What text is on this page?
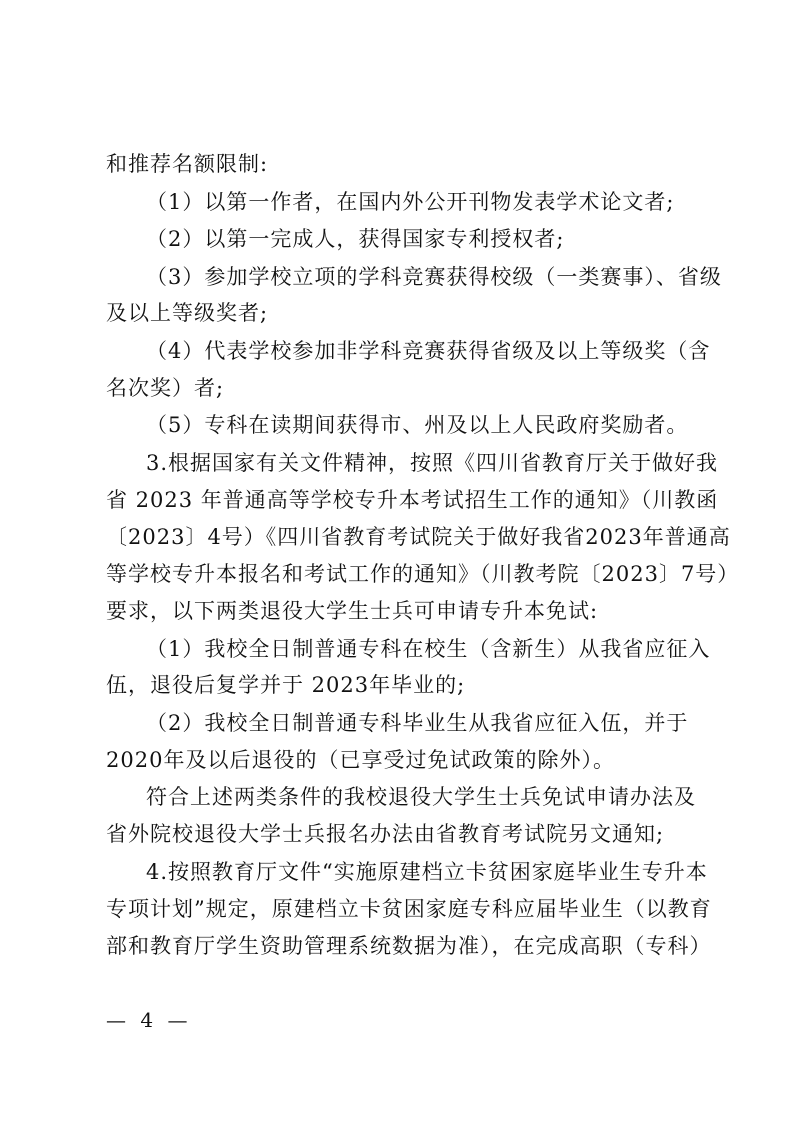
和推荐名额限制:
（1）以第一作者，在国内外公开刊物发表学术论文者;
（2）以第一完成人，获得国家专利授权者;
（3）参加学校立项的学科竞赛获得校级（一类赛事）、省级
及以上等级奖者;
（4）代表学校参加非学科竞赛获得省级及以上等级奖（含
名次奖）者;
（5）专科在读期间获得市、州及以上人民政府奖励者。
3.根据国家有关文件精神，按照《四川省教育厅关于做好我
省 2023 年普通高等学校专升本考试招生工作的通知》（川教函
〔2023〕4号）《四川省教育考试院关于做好我省2023年普通高
等学校专升本报名和考试工作的通知》（川教考院〔2023〕7号）
要求，以下两类退役大学生士兵可申请专升本免试:
（1）我校全日制普通专科在校生（含新生）从我省应征入
伍，退役后复学并于 2023年毕业的;
（2）我校全日制普通专科毕业生从我省应征入伍，并于
2020年及以后退役的（已享受过免试政策的除外）。
符合上述两类条件的我校退役大学生士兵免试申请办法及
省外院校退役大学士兵报名办法由省教育考试院另文通知;
4.按照教育厅文件“实施原建档立卡贫困家庭毕业生专升本
专项计划”规定，原建档立卡贫困家庭专科应届毕业生（以教育
部和教育厅学生资助管理系统数据为准），在完成高职（专科）
— 4 —
